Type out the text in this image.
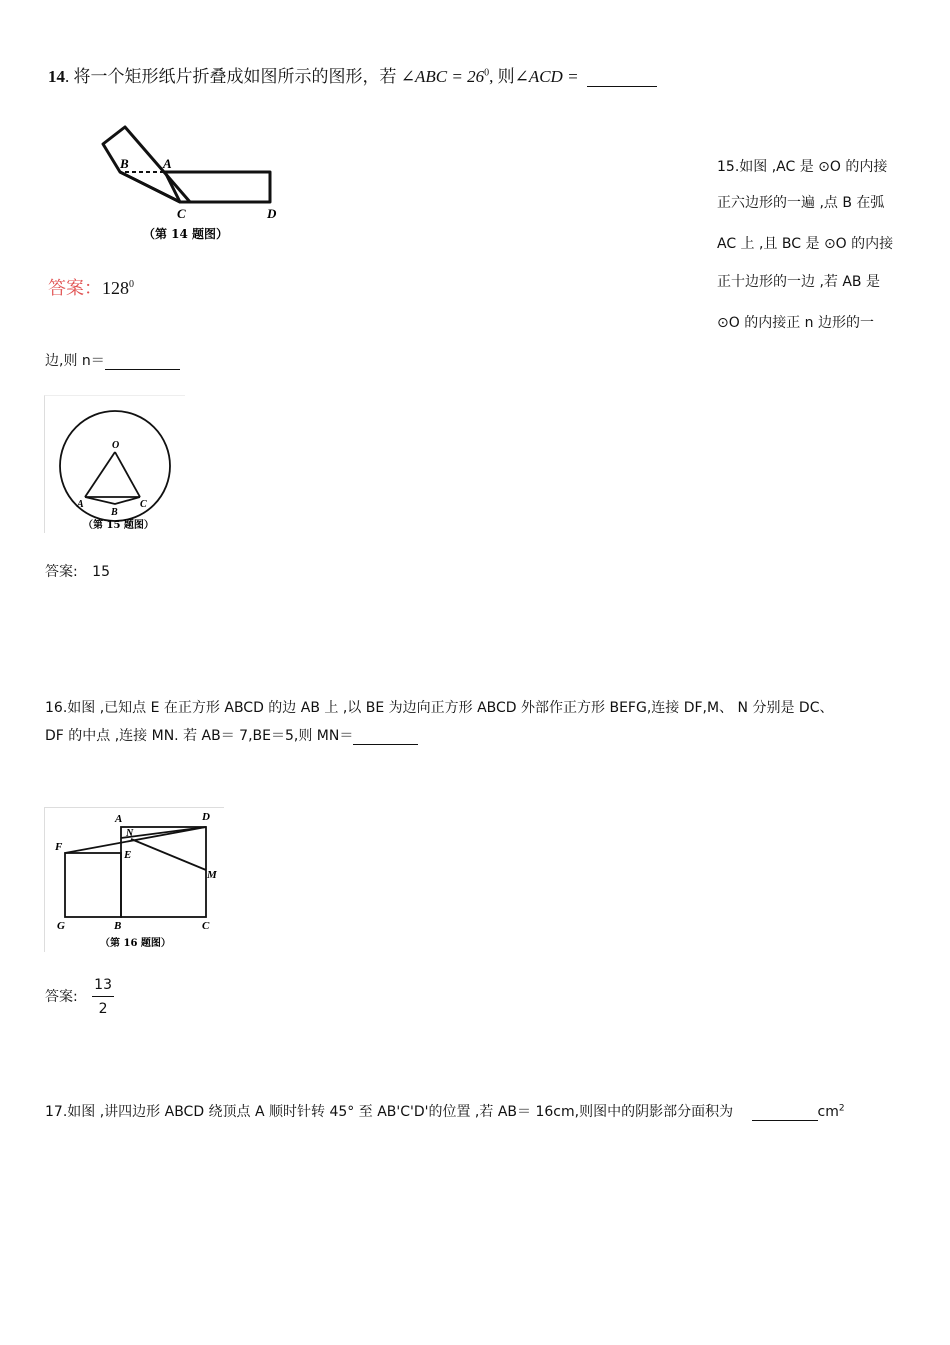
14. 将一个矩形纸片折叠成如图所示的图形，若 ∠ABC = $26^0$, 则∠ACD =
B	A
C	D
（第 14 题图）
答案：$128^0$
15.如图 ,AC 是 ⊙O 的内接
正六边形的一遍 ,点 B 在弧
AC 上 ,且 BC 是 ⊙O 的内接
正十边形的一边 ,若 AB 是
⊙O 的内接正 n 边形的一
边,则 n＝
O
A
B
C
（第 15 题图）
答案: 15
16.如图 ,已知点 E 在正方形 ABCD 的边 AB 上 ,以 BE 为边向正方形 ABCD 外部作正方形 BEFG,连接 DF,M、 N 分别是 DC、
DF 的中点 ,连接 MN. 若 AB＝ 7,BE＝5,则 MN＝
A	D
N
F
E
M
G	B	C
（第 16 题图）
答案: $\frac{13}{2}$
17.如图 ,讲四边形 ABCD 绕顶点 A 顺时针转 45° 至 AB'C'D'的位置 ,若 AB＝ 16cm,则图中的阴影部分面积为	$cm^2$
